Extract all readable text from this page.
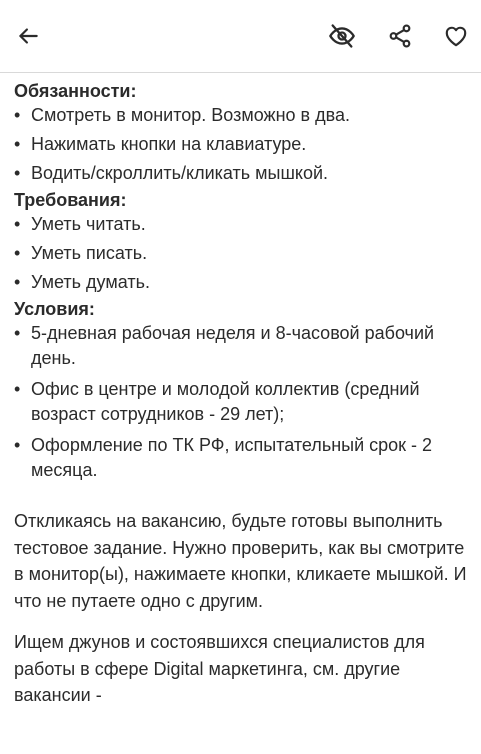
Обязанности:
• Смотреть в монитор. Возможно в два.
• Нажимать кнопки на клавиатуре.
• Водить/скроллить/кликать мышкой.
Требования:
• Уметь читать.
• Уметь писать.
• Уметь думать.
Условия:
• 5-дневная рабочая неделя и 8-часовой рабочий день.
• Офис в центре и молодой коллектив (средний возраст сотрудников - 29 лет);
• Оформление по ТК РФ, испытательный срок - 2 месяца.

Откликаясь на вакансию, будьте готовы выполнить тестовое задание. Нужно проверить, как вы смотрите в монитор(ы), нажимаете кнопки, кликаете мышкой. И что не путаете одно с другим.

Ищем джунов и состоявшихся специалистов для работы в сфере Digital маркетинга, см. другие вакансии -
